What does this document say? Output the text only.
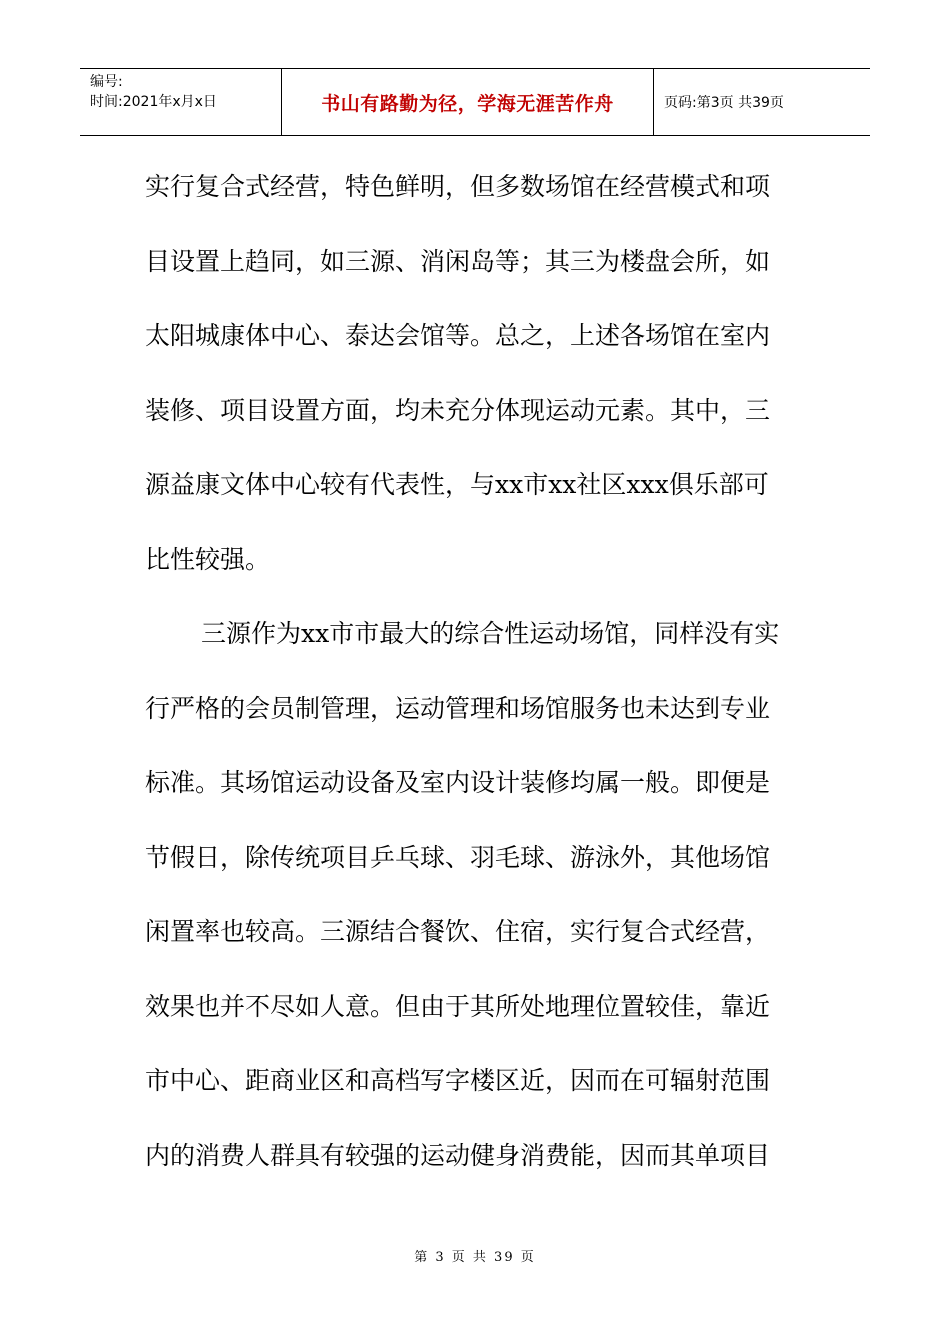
编号:
时间:2021年x月x日	书山有路勤为径，学海无涯苦作舟	页码:第3页 共39页
实行复合式经营，特色鲜明，但多数场馆在经营模式和项
目设置上趋同，如三源、消闲岛等；其三为楼盘会所，如
太阳城康体中心、泰达会馆等。总之，上述各场馆在室内
装修、项目设置方面，均未充分体现运动元素。其中，三
源益康文体中心较有代表性，与xx市xx社区xxx俱乐部可
比性较强。
三源作为xx市市最大的综合性运动场馆，同样没有实
行严格的会员制管理，运动管理和场馆服务也未达到专业
标准。其场馆运动设备及室内设计装修均属一般。即便是
节假日，除传统项目乒乓球、羽毛球、游泳外，其他场馆
闲置率也较高。三源结合餐饮、住宿，实行复合式经营，
效果也并不尽如人意。但由于其所处地理位置较佳，靠近
市中心、距商业区和高档写字楼区近，因而在可辐射范围
内的消费人群具有较强的运动健身消费能，因而其单项目
第 3 页 共 39 页
